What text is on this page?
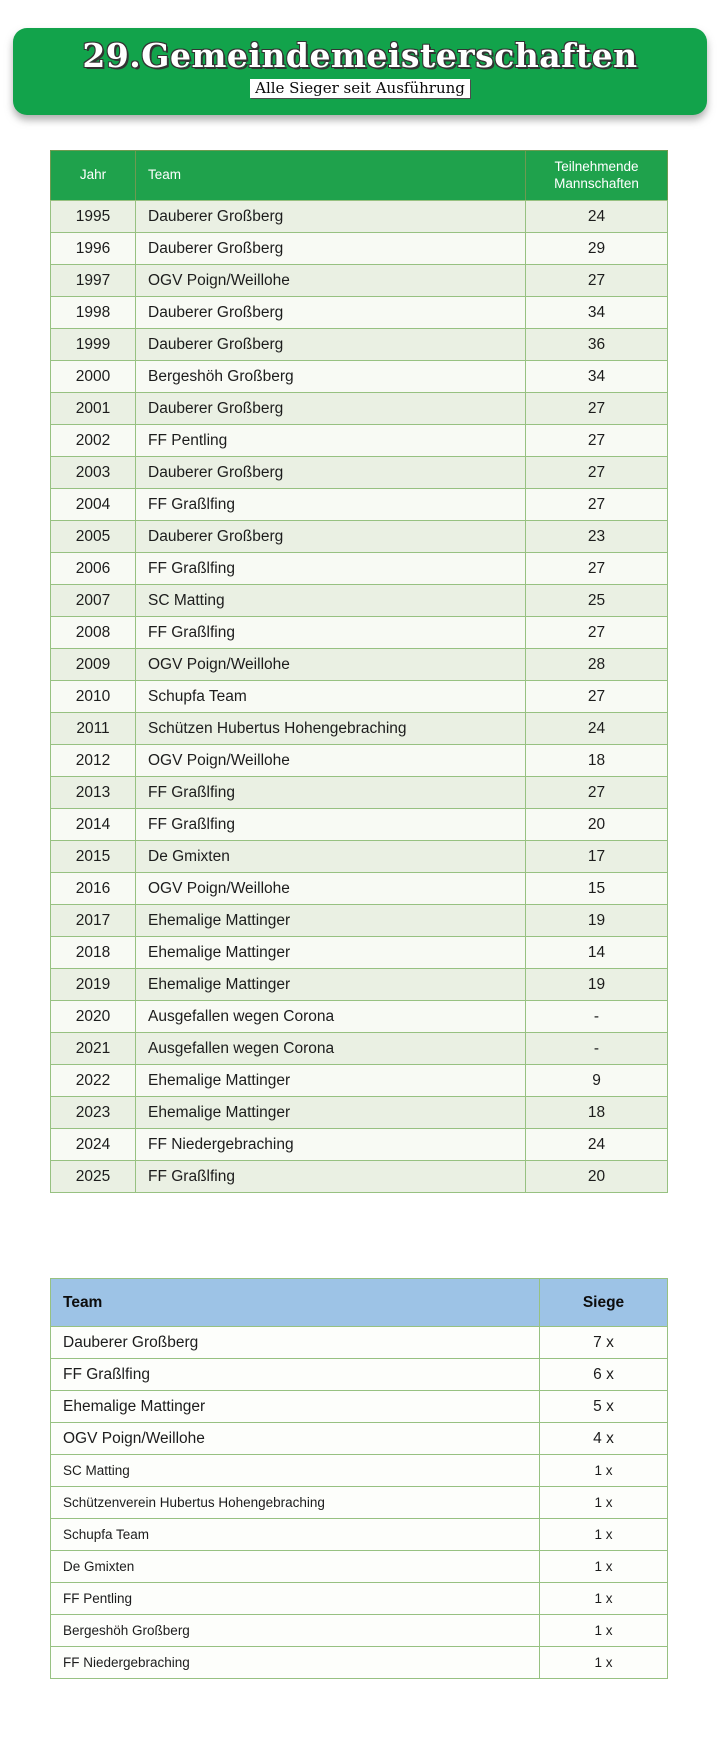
29.Gemeindemeisterschaften
Alle Sieger seit Ausführung
Jahr	Team	Teilnehmende Mannschaften
1995	Dauberer Großberg	24
1996	Dauberer Großberg	29
1997	OGV Poign/Weillohe	27
1998	Dauberer Großberg	34
1999	Dauberer Großberg	36
2000	Bergeshöh Großberg	34
2001	Dauberer Großberg	27
2002	FF Pentling	27
2003	Dauberer Großberg	27
2004	FF Graßlfing	27
2005	Dauberer Großberg	23
2006	FF Graßlfing	27
2007	SC Matting	25
2008	FF Graßlfing	27
2009	OGV Poign/Weillohe	28
2010	Schupfa Team	27
2011	Schützen Hubertus Hohengebraching	24
2012	OGV Poign/Weillohe	18
2013	FF Graßlfing	27
2014	FF Graßlfing	20
2015	De Gmixten	17
2016	OGV Poign/Weillohe	15
2017	Ehemalige Mattinger	19
2018	Ehemalige Mattinger	14
2019	Ehemalige Mattinger	19
2020	Ausgefallen wegen Corona	-
2021	Ausgefallen wegen Corona	-
2022	Ehemalige Mattinger	9
2023	Ehemalige Mattinger	18
2024	FF Niedergebraching	24
2025	FF Graßlfing	20
Team	Siege
Dauberer Großberg	7 x
FF Graßlfing	6 x
Ehemalige Mattinger	5 x
OGV Poign/Weillohe	4 x
SC Matting	1 x
Schützenverein Hubertus Hohengebraching	1 x
Schupfa Team	1 x
De Gmixten	1 x
FF Pentling	1 x
Bergeshöh Großberg	1 x
FF Niedergebraching	1 x
